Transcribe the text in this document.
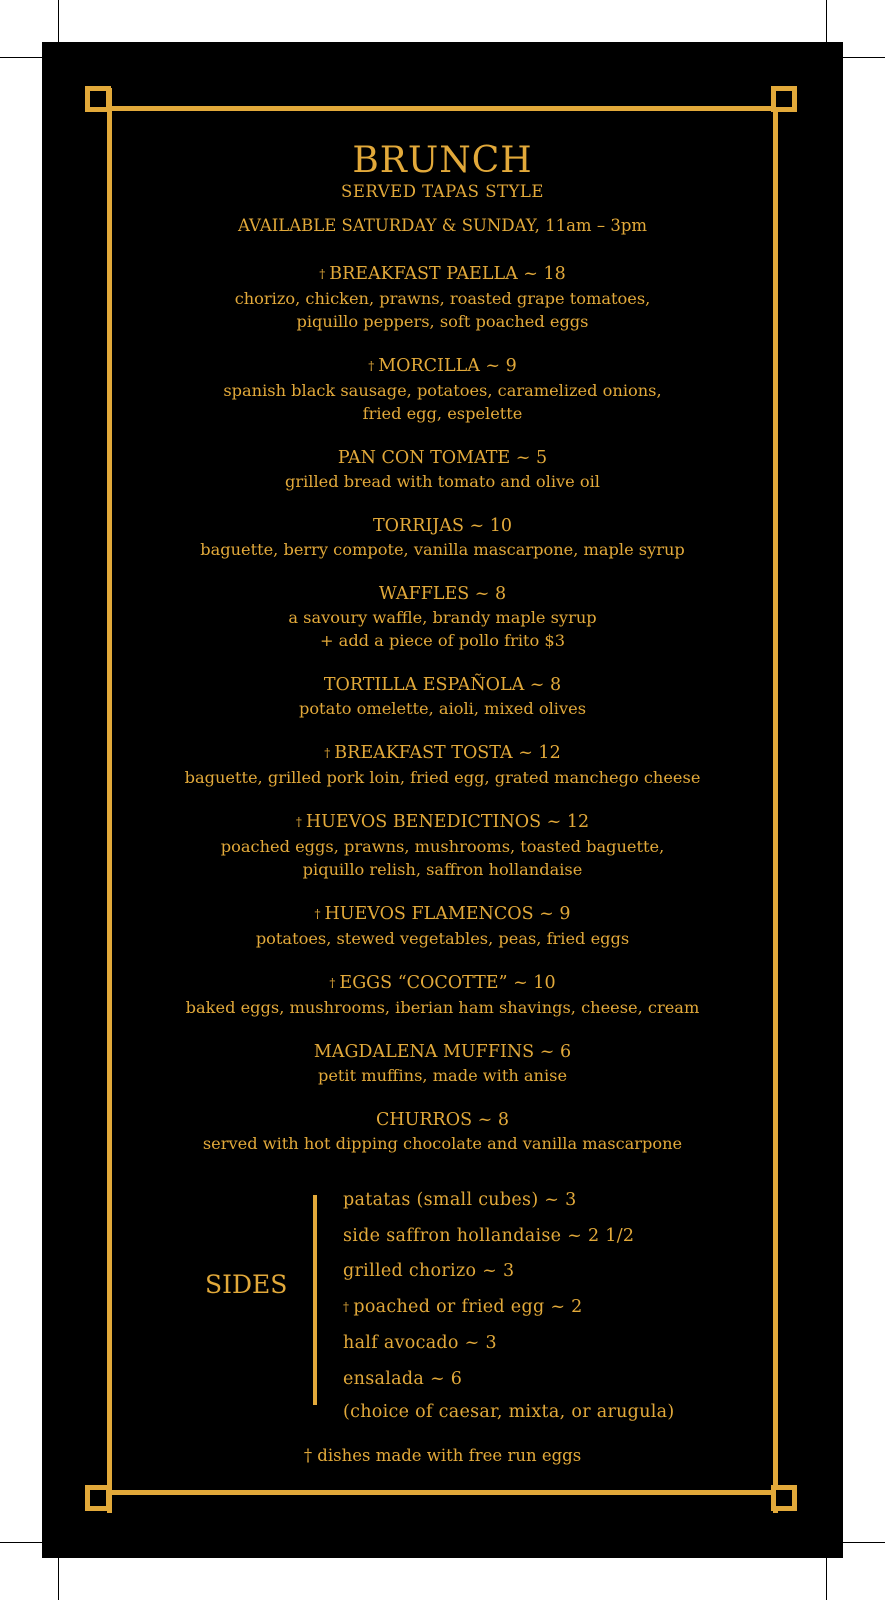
BRUNCH
SERVED TAPAS STYLE
AVAILABLE SATURDAY & SUNDAY, 11am – 3pm
† BREAKFAST PAELLA ~ 18
chorizo, chicken, prawns, roasted grape tomatoes,
piquillo peppers, soft poached eggs
† MORCILLA ~ 9
spanish black sausage, potatoes, caramelized onions,
fried egg, espelette
PAN CON TOMATE ~ 5
grilled bread with tomato and olive oil
TORRIJAS ~ 10
baguette, berry compote, vanilla mascarpone, maple syrup
WAFFLES ~ 8
a savoury waffle, brandy maple syrup
+ add a piece of pollo frito $3
TORTILLA ESPAÑOLA ~ 8
potato omelette, aioli, mixed olives
† BREAKFAST TOSTA ~ 12
baguette, grilled pork loin, fried egg, grated manchego cheese
† HUEVOS BENEDICTINOS ~ 12
poached eggs, prawns, mushrooms, toasted baguette,
piquillo relish, saffron hollandaise
† HUEVOS FLAMENCOS ~ 9
potatoes, stewed vegetables, peas, fried eggs
† EGGS “COCOTTE” ~ 10
baked eggs, mushrooms, iberian ham shavings, cheese, cream
MAGDALENA MUFFINS ~ 6
petit muffins, made with anise
CHURROS ~ 8
served with hot dipping chocolate and vanilla mascarpone
SIDES
patatas (small cubes) ~ 3
side saffron hollandaise ~ 2 1/2
grilled chorizo ~ 3
† poached or fried egg ~ 2
half avocado ~ 3
ensalada ~ 6
(choice of caesar, mixta, or arugula)
† dishes made with free run eggs
